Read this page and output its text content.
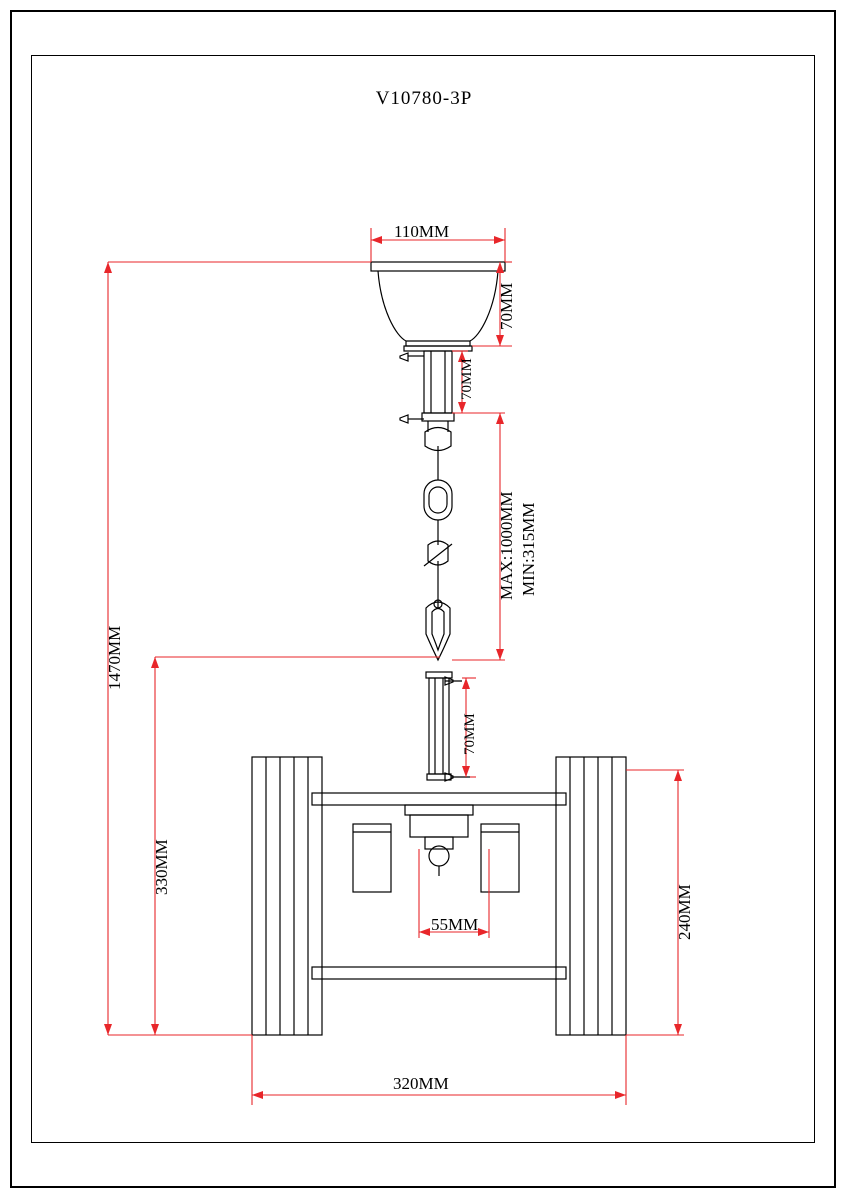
V10780-3P
110MM
70MM
70MM
MAX:1000MM MIN:315MM
70MM
1470MM
330MM
240MM
55MM
320MM
